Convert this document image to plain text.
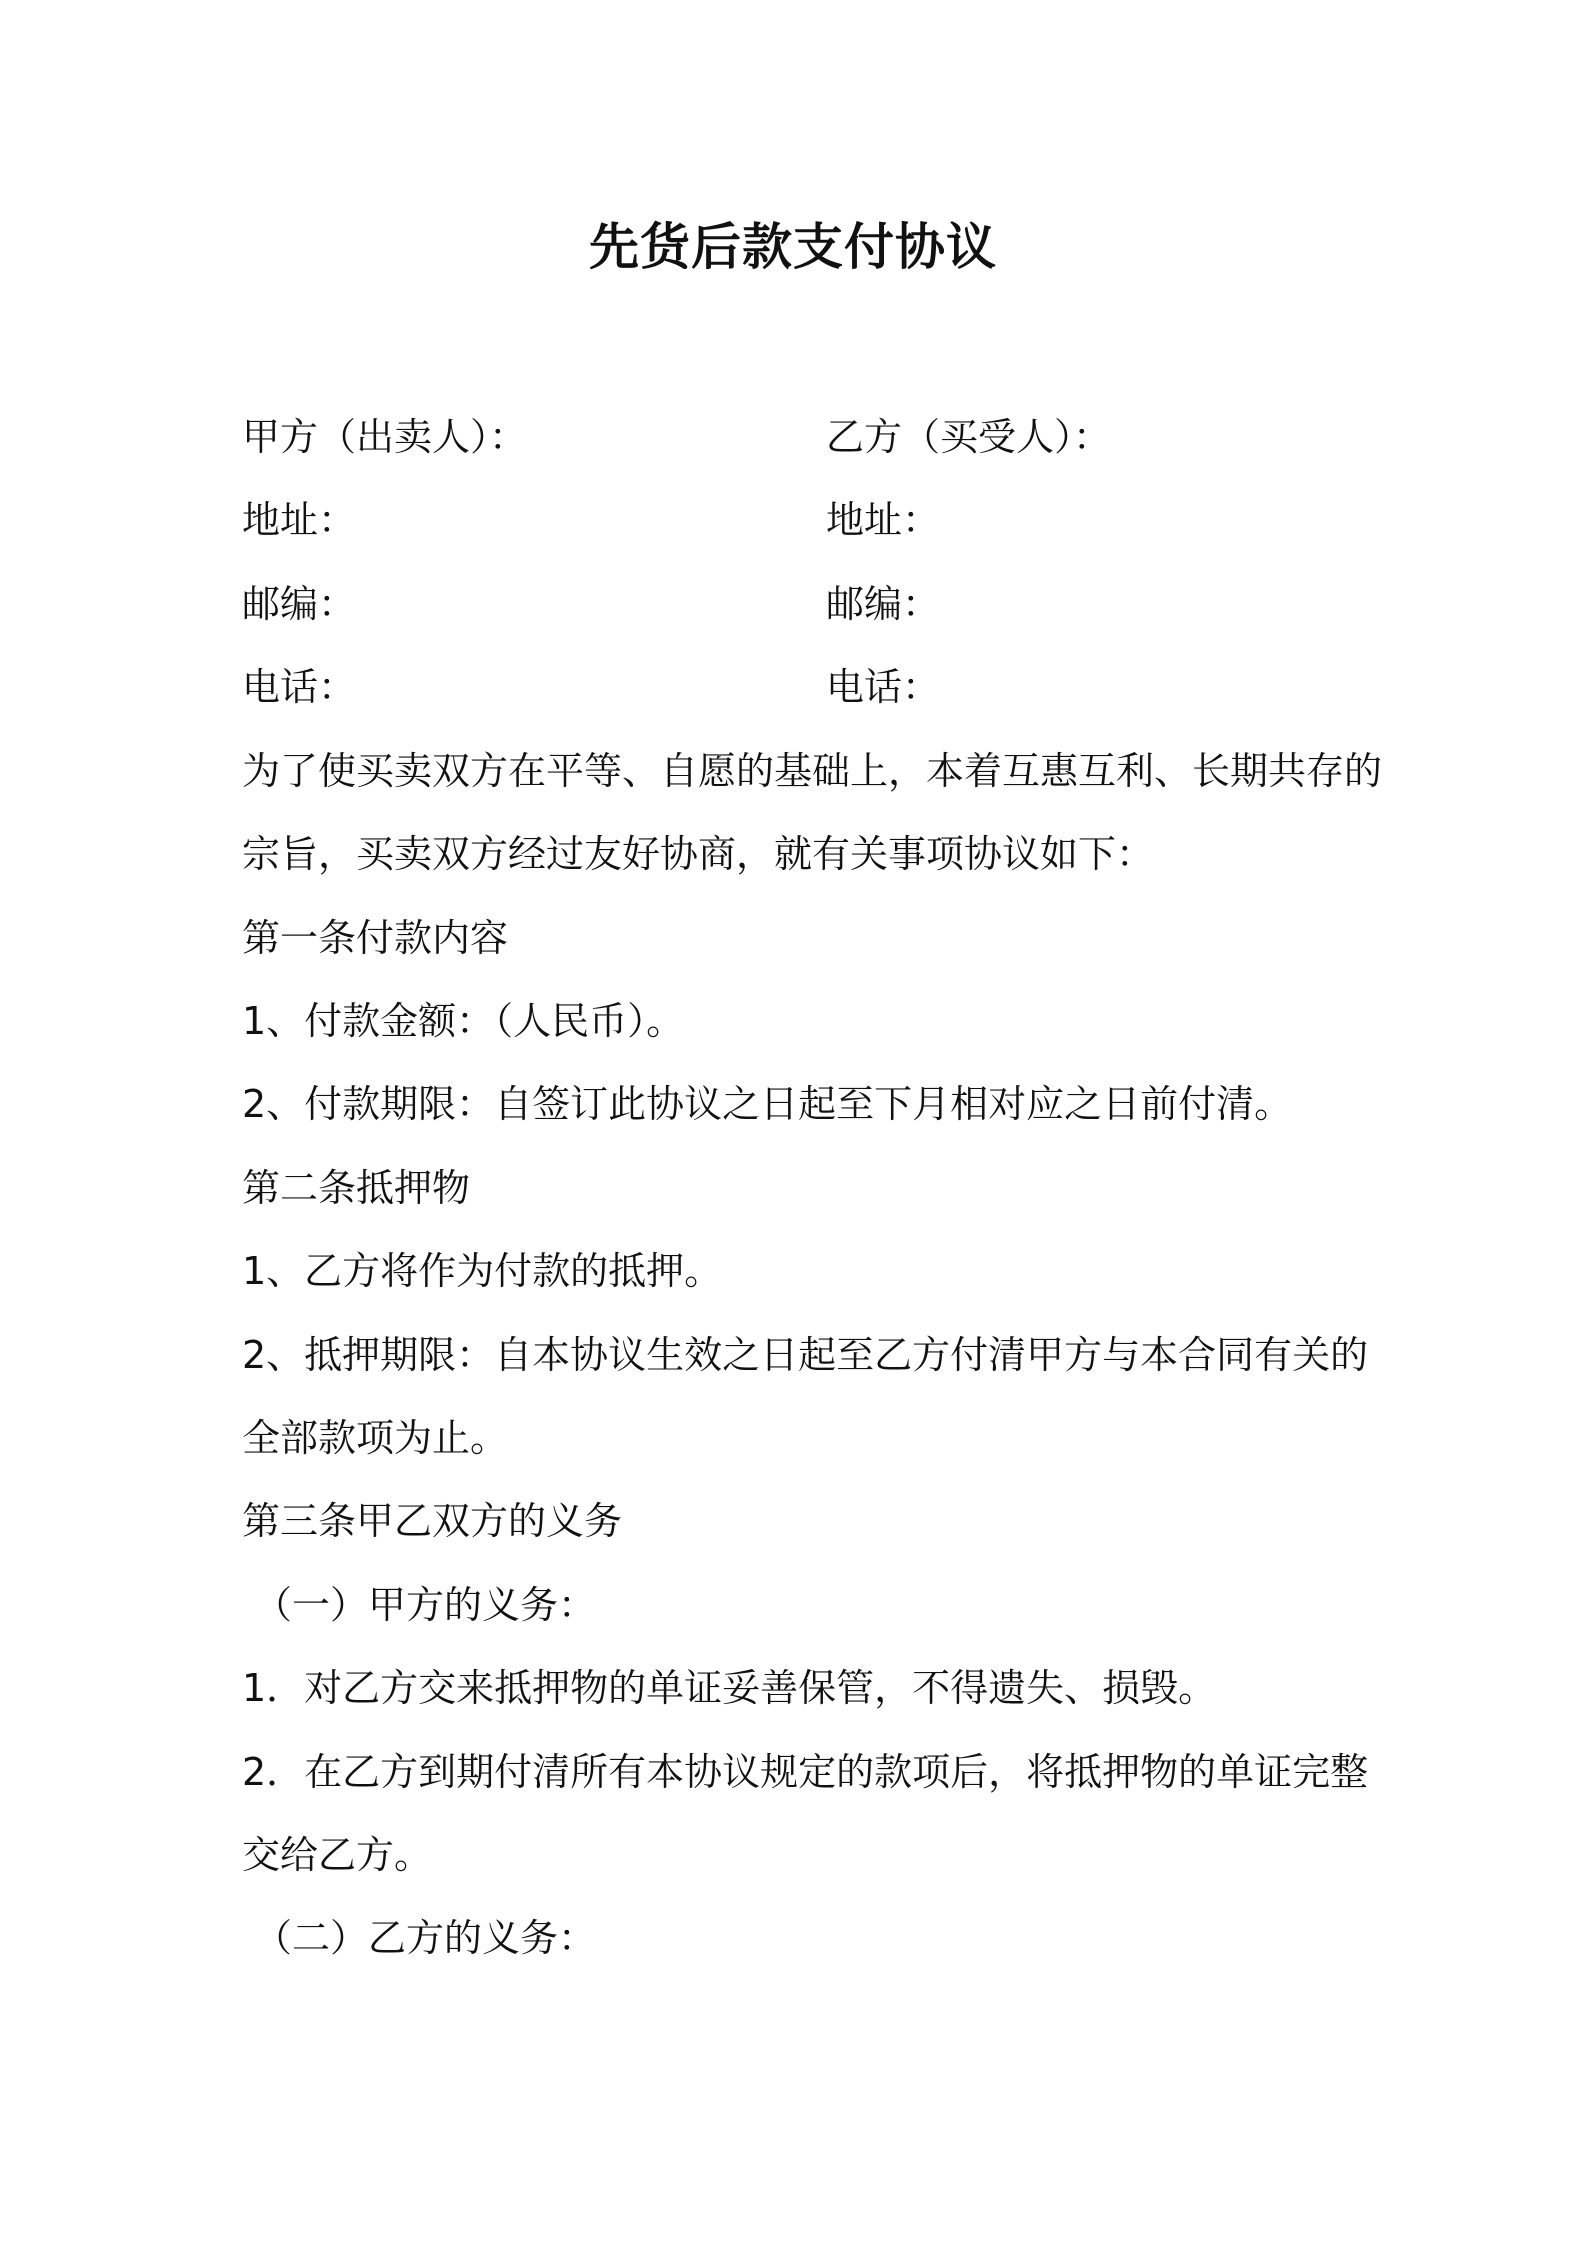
先货后款支付协议
甲方（出卖人）：	乙方（买受人）：
地址：	地址：
邮编：	邮编：
电话：	电话：
为了使买卖双方在平等、自愿的基础上，本着互惠互利、长期共存的
宗旨，买卖双方经过友好协商，就有关事项协议如下：
第一条付款内容
1、付款金额：（人民币）。
2、付款期限：自签订此协议之日起至下月相对应之日前付清。
第二条抵押物
1、乙方将作为付款的抵押。
2、抵押期限：自本协议生效之日起至乙方付清甲方与本合同有关的
全部款项为止。
第三条甲乙双方的义务
（一）甲方的义务：
1．对乙方交来抵押物的单证妥善保管，不得遗失、损毁。
2．在乙方到期付清所有本协议规定的款项后，将抵押物的单证完整
交给乙方。
（二）乙方的义务：
